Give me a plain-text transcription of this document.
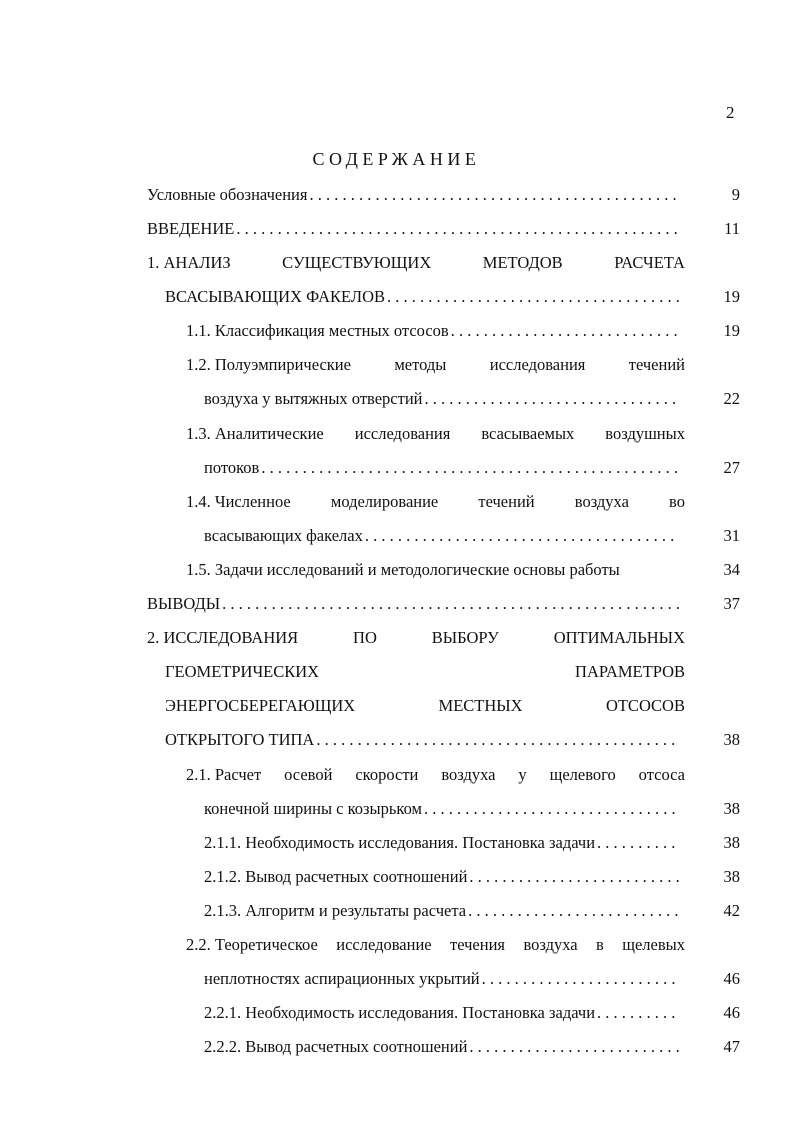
2
СОДЕРЖАНИЕ
Условные обозначения . . .	9
ВВЕДЕНИЕ . . .	11
1. АНАЛИЗ	СУЩЕСТВУЮЩИХ	МЕТОДОВ	РАСЧЕТА
ВСАСЫВАЮЩИХ ФАКЕЛОВ . . .	19
1.1. Классификация местных отсосов . . .	19
1.2. Полуэмпирические	методы	исследования	течений
воздуха у вытяжных отверстий . . .	22
1.3. Аналитические исследования всасываемых воздушных
потоков . . .	27
1.4. Численное моделирование течений воздуха во
всасывающих факелах . . .	31
1.5. Задачи исследований и методологические основы работы	34
ВЫВОДЫ . . .	37
2. ИССЛЕДОВАНИЯ	ПО	ВЫБОРУ	ОПТИМАЛЬНЫХ
ГЕОМЕТРИЧЕСКИХ	ПАРАМЕТРОВ
ЭНЕРГОСБЕРЕГАЮЩИХ	МЕСТНЫХ	ОТСОСОВ
ОТКРЫТОГО ТИПА . . .	38
2.1. Расчет осевой скорости воздуха у щелевого отсоса
конечной ширины с козырьком . . .	38
2.1.1. Необходимость исследования. Постановка задачи . . .	38
2.1.2. Вывод расчетных соотношений . . .	38
2.1.3. Алгоритм и результаты расчета . . .	42
2.2. Теоретическое исследование течения воздуха в щелевых
неплотностях аспирационных укрытий . . .	46
2.2.1. Необходимость исследования. Постановка задачи . . .	46
2.2.2. Вывод расчетных соотношений . . .	47
